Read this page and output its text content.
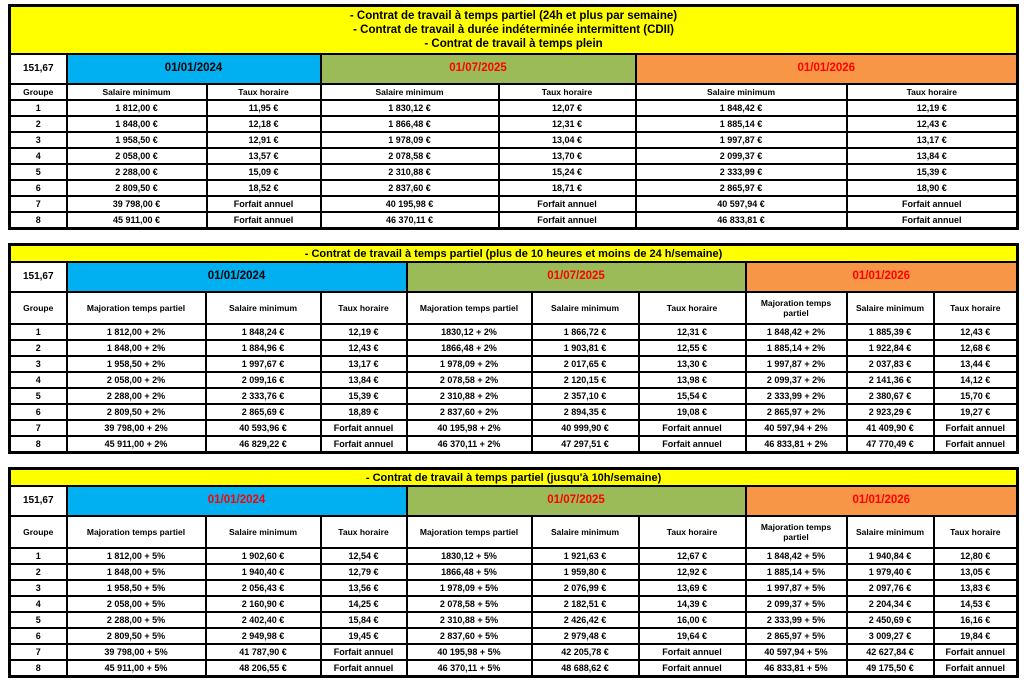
- Contrat de travail à temps partiel (24h et plus par semaine)
- Contrat de travail à durée indéterminée intermittent (CDII)
- Contrat de travail à temps plein						

151,67	01/01/2024		01/07/2025		01/01/2026	
Groupe	Salaire minimum	Taux horaire	Salaire minimum	Taux horaire	Salaire minimum	Taux horaire
1	1 812,00 €	11,95 €	1 830,12 €	12,07 €	1 848,42 €	12,19 €
2	1 848,00 €	12,18 €	1 866,48 €	12,31 €	1 885,14 €	12,43 €
3	1 958,50 €	12,91 €	1 978,09 €	13,04 €	1 997,87 €	13,17 €
4	2 058,00 €	13,57 €	2 078,58 €	13,70 €	2 099,37 €	13,84 €
5	2 288,00 €	15,09 €	2 310,88 €	15,24 €	2 333,99 €	15,39 €
6	2 809,50 €	18,52 €	2 837,60 €	18,71 €	2 865,97 €	18,90 €
7	39 798,00 €	Forfait annuel	40 195,98 €	Forfait annuel	40 597,94 €	Forfait annuel
8	45 911,00 €	Forfait annuel	46 370,11 €	Forfait annuel	46 833,81 €	Forfait annuel
- Contrat de travail à temps partiel (plus de 10 heures et moins de 24 h/semaine)									

151,67	01/01/2024			01/07/2025			01/01/2026		
Groupe	Majoration temps partiel	Salaire minimum	Taux horaire	Majoration temps partiel	Salaire minimum	Taux horaire	Majoration temps partiel	Salaire minimum	Taux horaire
1	1 812,00 + 2%	1 848,24 €	12,19 €	1830,12 + 2%	1 866,72 €	12,31 €	1 848,42 + 2%	1 885,39 €	12,43 €
2	1 848,00 + 2%	1 884,96 €	12,43 €	1866,48 + 2%	1 903,81 €	12,55 €	1 885,14 + 2%	1 922,84 €	12,68 €
3	1 958,50 + 2%	1 997,67 €	13,17 €	1 978,09 + 2%	2 017,65 €	13,30 €	1 997,87 + 2%	2 037,83 €	13,44 €
4	2 058,00 + 2%	2 099,16 €	13,84 €	2 078,58 + 2%	2 120,15 €	13,98 €	2 099,37 + 2%	2 141,36 €	14,12 €
5	2 288,00 + 2%	2 333,76 €	15,39 €	2 310,88 + 2%	2 357,10 €	15,54 €	2 333,99 + 2%	2 380,67 €	15,70 €
6	2 809,50 + 2%	2 865,69 €	18,89 €	2 837,60 + 2%	2 894,35 €	19,08 €	2 865,97 + 2%	2 923,29 €	19,27 €
7	39 798,00 + 2%	40 593,96 €	Forfait annuel	40 195,98 + 2%	40 999,90 €	Forfait annuel	40 597,94 + 2%	41 409,90 €	Forfait annuel
8	45 911,00 + 2%	46 829,22 €	Forfait annuel	46 370,11 + 2%	47 297,51 €	Forfait annuel	46 833,81 + 2%	47 770,49 €	Forfait annuel
- Contrat de travail à temps partiel (jusqu'à 10h/semaine)									

151,67	01/01/2024			01/07/2025			01/01/2026		
Groupe	Majoration temps partiel	Salaire minimum	Taux horaire	Majoration temps partiel	Salaire minimum	Taux horaire	Majoration temps partiel	Salaire minimum	Taux horaire
1	1 812,00 + 5%	1 902,60 €	12,54 €	1830,12 + 5%	1 921,63 €	12,67 €	1 848,42 + 5%	1 940,84 €	12,80 €
2	1 848,00 + 5%	1 940,40 €	12,79 €	1866,48 + 5%	1 959,80 €	12,92 €	1 885,14 + 5%	1 979,40 €	13,05 €
3	1 958,50 + 5%	2 056,43 €	13,56 €	1 978,09 + 5%	2 076,99 €	13,69 €	1 997,87 + 5%	2 097,76 €	13,83 €
4	2 058,00 + 5%	2 160,90 €	14,25 €	2 078,58 + 5%	2 182,51 €	14,39 €	2 099,37 + 5%	2 204,34 €	14,53 €
5	2 288,00 + 5%	2 402,40 €	15,84 €	2 310,88 + 5%	2 426,42 €	16,00 €	2 333,99 + 5%	2 450,69 €	16,16 €
6	2 809,50 + 5%	2 949,98 €	19,45 €	2 837,60 + 5%	2 979,48 €	19,64 €	2 865,97 + 5%	3 009,27 €	19,84 €
7	39 798,00 + 5%	41 787,90 €	Forfait annuel	40 195,98 + 5%	42 205,78 €	Forfait annuel	40 597,94 + 5%	42 627,84 €	Forfait annuel
8	45 911,00 + 5%	48 206,55 €	Forfait annuel	46 370,11 + 5%	48 688,62 €	Forfait annuel	46 833,81 + 5%	49 175,50 €	Forfait annuel
